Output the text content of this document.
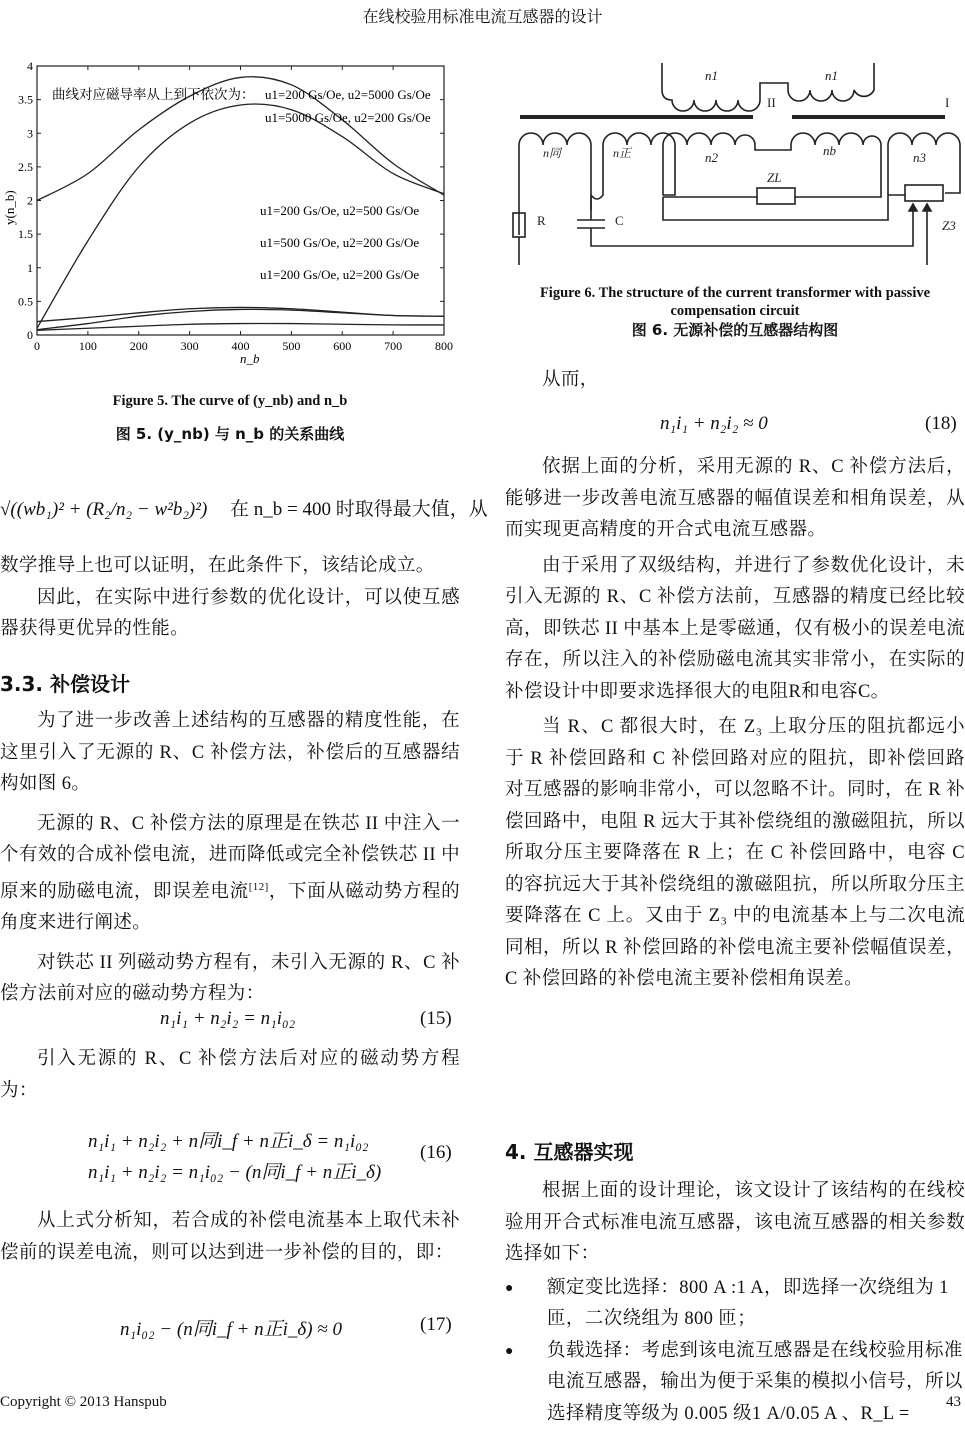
在线校验用标准电流互感器的设计
0	100	200	300	400	500	600	700	800
0
0.5
1
1.5
2
2.5
3
3.5
4
曲线对应磁导率从上到下依次为： u1=200 Gs/Oe, u2=5000 Gs/Oe
u1=5000 Gs/Oe, u2=200 Gs/Oe
u1=200 Gs/Oe, u2=500 Gs/Oe
u1=500 Gs/Oe, u2=200 Gs/Oe
u1=200 Gs/Oe, u2=200 Gs/Oe
n_b
y(n_b)
Figure 5. The curve of (y_nb) and n_b
图 5. (y_nb) 与 n_b 的关系曲线
√((wb₁)² + (R₂/n₂ − w²b₂)²) 在 n_b = 400 时取得最大值，从

数学推导上也可以证明，在此条件下，该结论成立。

因此，在实际中进行参数的优化设计，可以使互感器获得更优异的性能。

3.3. 补偿设计

为了进一步改善上述结构的互感器的精度性能，在这里引入了无源的 R、C 补偿方法，补偿后的互感器结构如图 6。

无源的 R、C 补偿方法的原理是在铁芯 II 中注入一个有效的合成补偿电流，进而降低或完全补偿铁芯 II 中原来的励磁电流，即误差电流[12]，下面从磁动势方程的角度来进行阐述。

对铁芯 II 列磁动势方程有，未引入无源的 R、C 补偿方法前对应的磁动势方程为：

n₁i₁ + n₂i₂ = n₁i₀₂	(15)

引入无源的 R、C 补偿方法后对应的磁动势方程为：

n₁i₁ + n₂i₂ + n同i_f + n正i_δ = n₁i₀₂
n₁i₁ + n₂i₂ = n₁i₀₂ − (n同i_f + n正i_δ)
(16)

从上式分析知，若合成的补偿电流基本上取代未补偿前的误差电流，则可以达到进一步补偿的目的，即：

n₁i₀₂ − (n同i_f + n正i_δ) ≈ 0	(17)
n1	n1
II	I
n同	n正	n2	nb	n3
ZL
R	C	Z3
Figure 6. The structure of the current transformer with passive
compensation circuit
图 6. 无源补偿的互感器结构图

从而，

n₁i₁ + n₂i₂ ≈ 0	(18)

依据上面的分析，采用无源的 R、C 补偿方法后，能够进一步改善电流互感器的幅值误差和相角误差，从而实现更高精度的开合式电流互感器。

由于采用了双级结构，并进行了参数优化设计，未引入无源的 R、C 补偿方法前，互感器的精度已经比较高，即铁芯 II 中基本上是零磁通，仅有极小的误差电流存在，所以注入的补偿励磁电流其实非常小，在实际的补偿设计中即要求选择很大的电阻R和电容C。

当 R、C 都很大时，在 Z₃ 上取分压的阻抗都远小于 R 补偿回路和 C 补偿回路对应的阻抗，即补偿回路对互感器的影响非常小，可以忽略不计。同时，在 R 补偿回路中，电阻 R 远大于其补偿绕组的激磁阻抗，所以所取分压主要降落在 R 上；在 C 补偿回路中，电容 C 的容抗远大于其补偿绕组的激磁阻抗，所以所取分压主要降落在 C 上。又由于 Z₃ 中的电流基本上与二次电流同相，所以 R 补偿回路的补偿电流主要补偿幅值误差，C 补偿回路的补偿电流主要补偿相角误差。

4. 互感器实现

根据上面的设计理论，该文设计了该结构的在线校验用开合式标准电流互感器，该电流互感器的相关参数选择如下：

● 额定变比选择：800 A :1 A，即选择一次绕组为 1 匝，二次绕组为 800 匝；
● 负载选择：考虑到该电流互感器是在线校验用标准电流互感器，输出为便于采集的模拟小信号，所以选择精度等级为 0.005 级1 A/0.05 A 、R_L =
Copyright © 2013 Hanspub	43
